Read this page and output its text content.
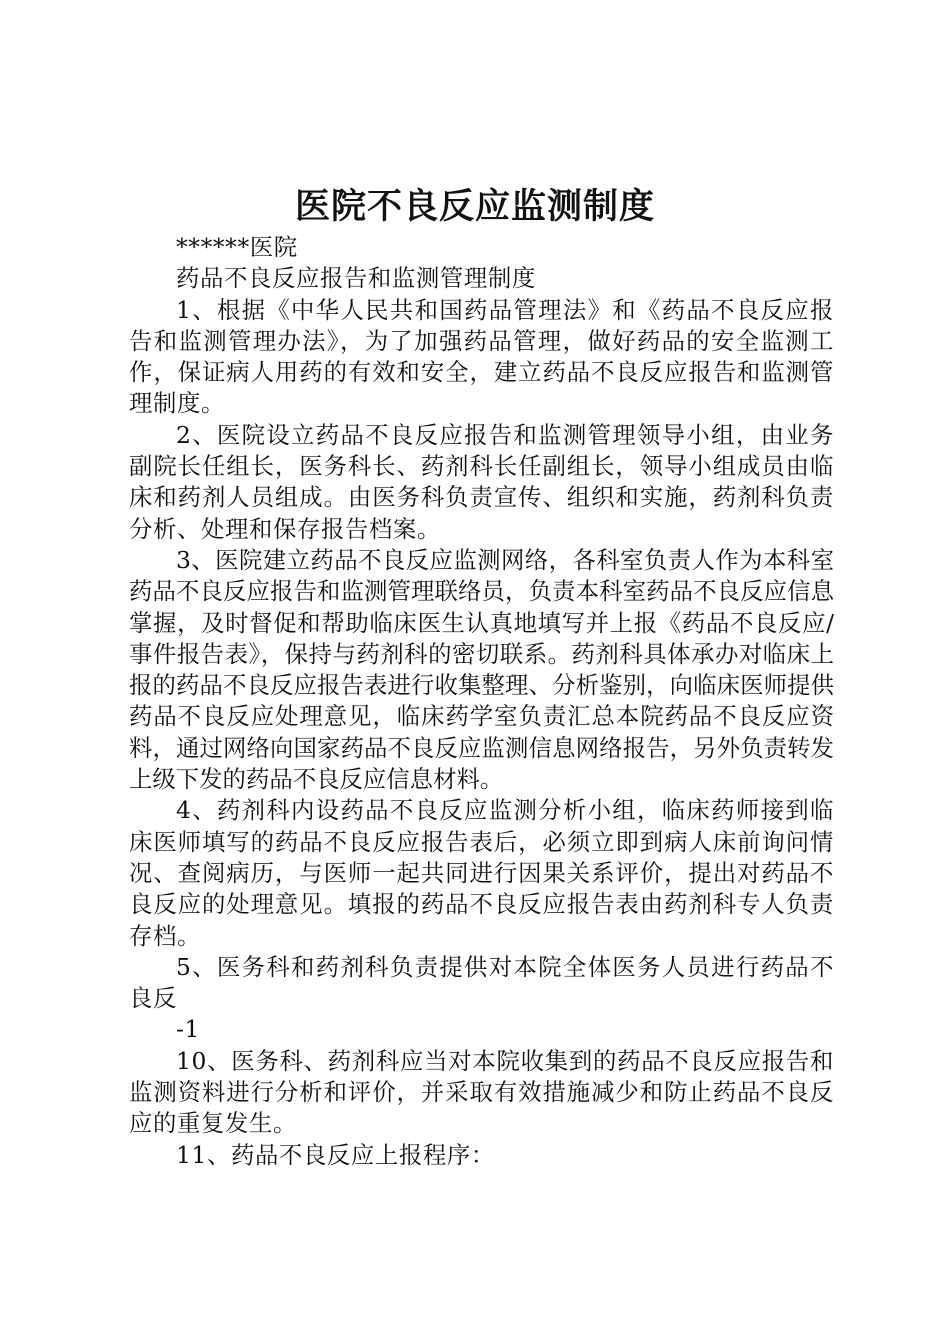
医院不良反应监测制度

******医院

药品不良反应报告和监测管理制度

1、根据《中华人民共和国药品管理法》和《药品不良反应报告和监测管理办法》，为了加强药品管理，做好药品的安全监测工作，保证病人用药的有效和安全，建立药品不良反应报告和监测管理制度。

2、医院设立药品不良反应报告和监测管理领导小组，由业务副院长任组长，医务科长、药剂科长任副组长，领导小组成员由临床和药剂人员组成。由医务科负责宣传、组织和实施，药剂科负责分析、处理和保存报告档案。

3、医院建立药品不良反应监测网络，各科室负责人作为本科室药品不良反应报告和监测管理联络员，负责本科室药品不良反应信息掌握，及时督促和帮助临床医生认真地填写并上报《药品不良反应/事件报告表》，保持与药剂科的密切联系。药剂科具体承办对临床上报的药品不良反应报告表进行收集整理、分析鉴别，向临床医师提供药品不良反应处理意见，临床药学室负责汇总本院药品不良反应资料，通过网络向国家药品不良反应监测信息网络报告，另外负责转发上级下发的药品不良反应信息材料。

4、药剂科内设药品不良反应监测分析小组，临床药师接到临床医师填写的药品不良反应报告表后，必须立即到病人床前询问情况、查阅病历，与医师一起共同进行因果关系评价，提出对药品不良反应的处理意见。填报的药品不良反应报告表由药剂科专人负责存档。

5、医务科和药剂科负责提供对本院全体医务人员进行药品不良反

-1

10、医务科、药剂科应当对本院收集到的药品不良反应报告和监测资料进行分析和评价，并采取有效措施减少和防止药品不良反应的重复发生。

11、药品不良反应上报程序：
